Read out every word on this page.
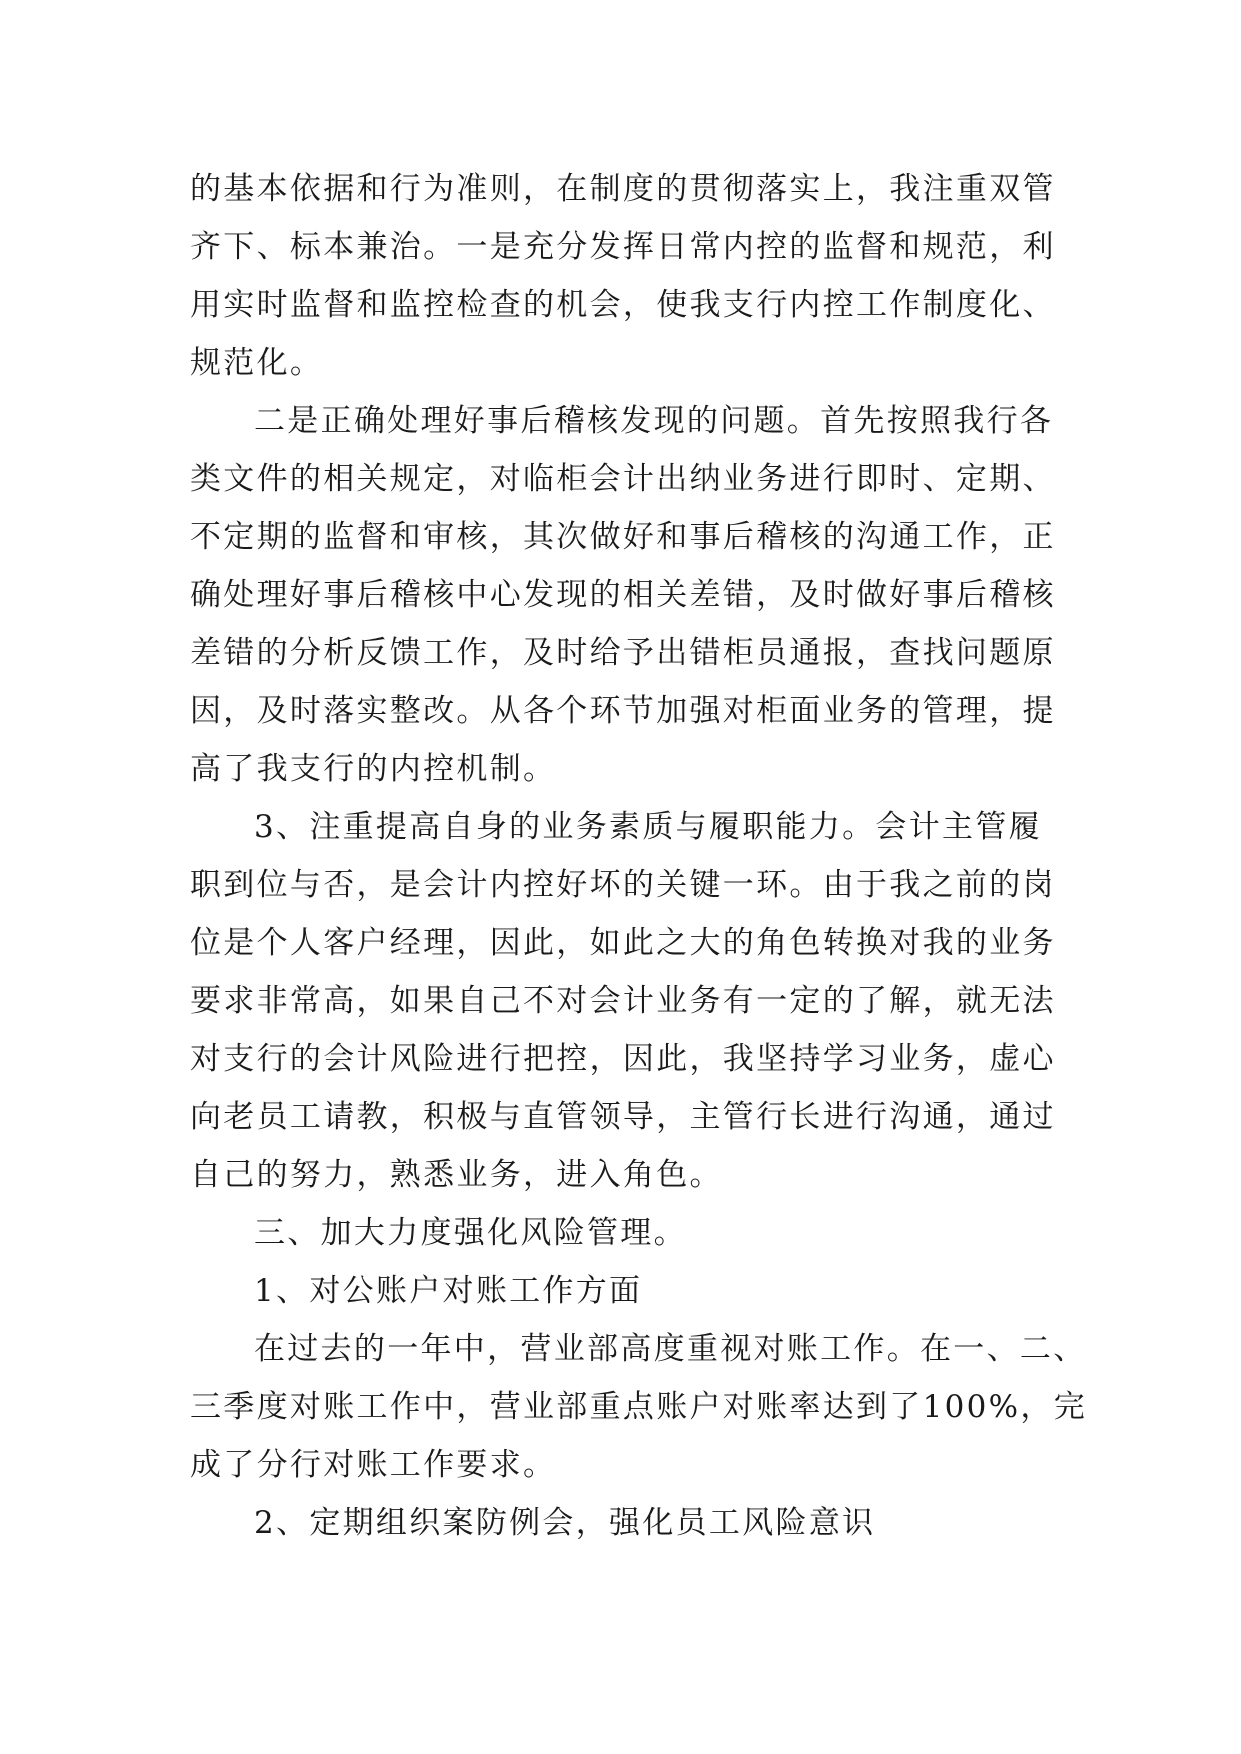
的基本依据和行为准则，在制度的贯彻落实上，我注重双管
齐下、标本兼治。一是充分发挥日常内控的监督和规范，利
用实时监督和监控检查的机会，使我支行内控工作制度化、
规范化。
二是正确处理好事后稽核发现的问题。首先按照我行各
类文件的相关规定，对临柜会计出纳业务进行即时、定期、
不定期的监督和审核，其次做好和事后稽核的沟通工作，正
确处理好事后稽核中心发现的相关差错，及时做好事后稽核
差错的分析反馈工作，及时给予出错柜员通报，查找问题原
因，及时落实整改。从各个环节加强对柜面业务的管理，提
高了我支行的内控机制。
3、注重提高自身的业务素质与履职能力。会计主管履
职到位与否，是会计内控好坏的关键一环。由于我之前的岗
位是个人客户经理，因此，如此之大的角色转换对我的业务
要求非常高，如果自己不对会计业务有一定的了解，就无法
对支行的会计风险进行把控，因此，我坚持学习业务，虚心
向老员工请教，积极与直管领导，主管行长进行沟通，通过
自己的努力，熟悉业务，进入角色。
三、加大力度强化风险管理。
1、对公账户对账工作方面
在过去的一年中，营业部高度重视对账工作。在一、二、
三季度对账工作中，营业部重点账户对账率达到了100%，完
成了分行对账工作要求。
2、定期组织案防例会，强化员工风险意识
